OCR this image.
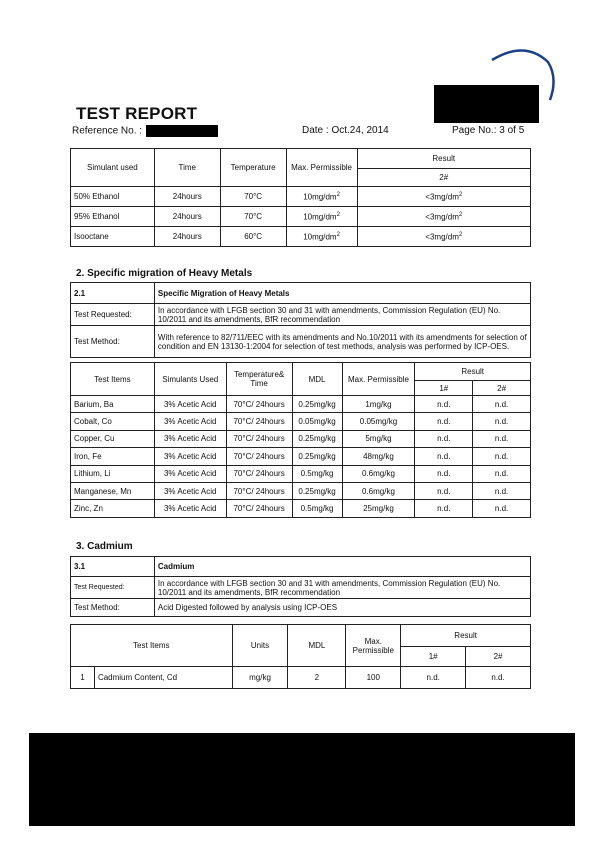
TEST REPORT
Reference No. :	Date : Oct.24, 2014	Page No.: 3 of 5
Simulant used	Time	Temperature	Max. Permissible	Result
				2#
50% Ethanol	24hours	70°C	$10mg/dm^2$	$<3mg/dm^2$
95% Ethanol	24hours	70°C	$10mg/dm^2$	$<3mg/dm^2$
Isooctane	24hours	60°C	$10mg/dm^2$	$<3mg/dm^2$
2. Specific migration of Heavy Metals
2.1	Specific Migration of Heavy Metals
Test Requested:	In accordance with LFGB section 30 and 31 with amendments, Commission Regulation (EU) No. 10/2011 and its amendments, BfR recommendation
Test Method:	With reference to 82/711/EEC with its amendments and No.10/2011 with its amendments for selection of condition and EN 13130-1:2004 for selection of test methods, analysis was performed by ICP-OES.
Test Items	Simulants Used	Temperature& Time	MDL	Max. Permissible	Result	
					1#	2#
Barium, Ba	3% Acetic Acid	70°C/ 24hours	0.25mg/kg	1mg/kg	n.d.	n.d.
Cobalt, Co	3% Acetic Acid	70°C/ 24hours	0.05mg/kg	0.05mg/kg	n.d.	n.d.
Copper, Cu	3% Acetic Acid	70°C/ 24hours	0.25mg/kg	5mg/kg	n.d.	n.d.
Iron, Fe	3% Acetic Acid	70°C/ 24hours	0.25mg/kg	48mg/kg	n.d.	n.d.
Lithium, Li	3% Acetic Acid	70°C/ 24hours	0.5mg/kg	0.6mg/kg	n.d.	n.d.
Manganese, Mn	3% Acetic Acid	70°C/ 24hours	0.25mg/kg	0.6mg/kg	n.d.	n.d.
Zinc, Zn	3% Acetic Acid	70°C/ 24hours	0.5mg/kg	25mg/kg	n.d.	n.d.
3. Cadmium
3.1	Cadmium
Test Requested:	In accordance with LFGB section 30 and 31 with amendments, Commission Regulation (EU) No. 10/2011 and its amendments, BfR recommendation
Test Method:	Acid Digested followed by analysis using ICP-OES
Test Items		Units	MDL	Max. Permissible	Result	
					1#	2#
1	Cadmium Content, Cd	mg/kg	2	100	n.d.	n.d.
